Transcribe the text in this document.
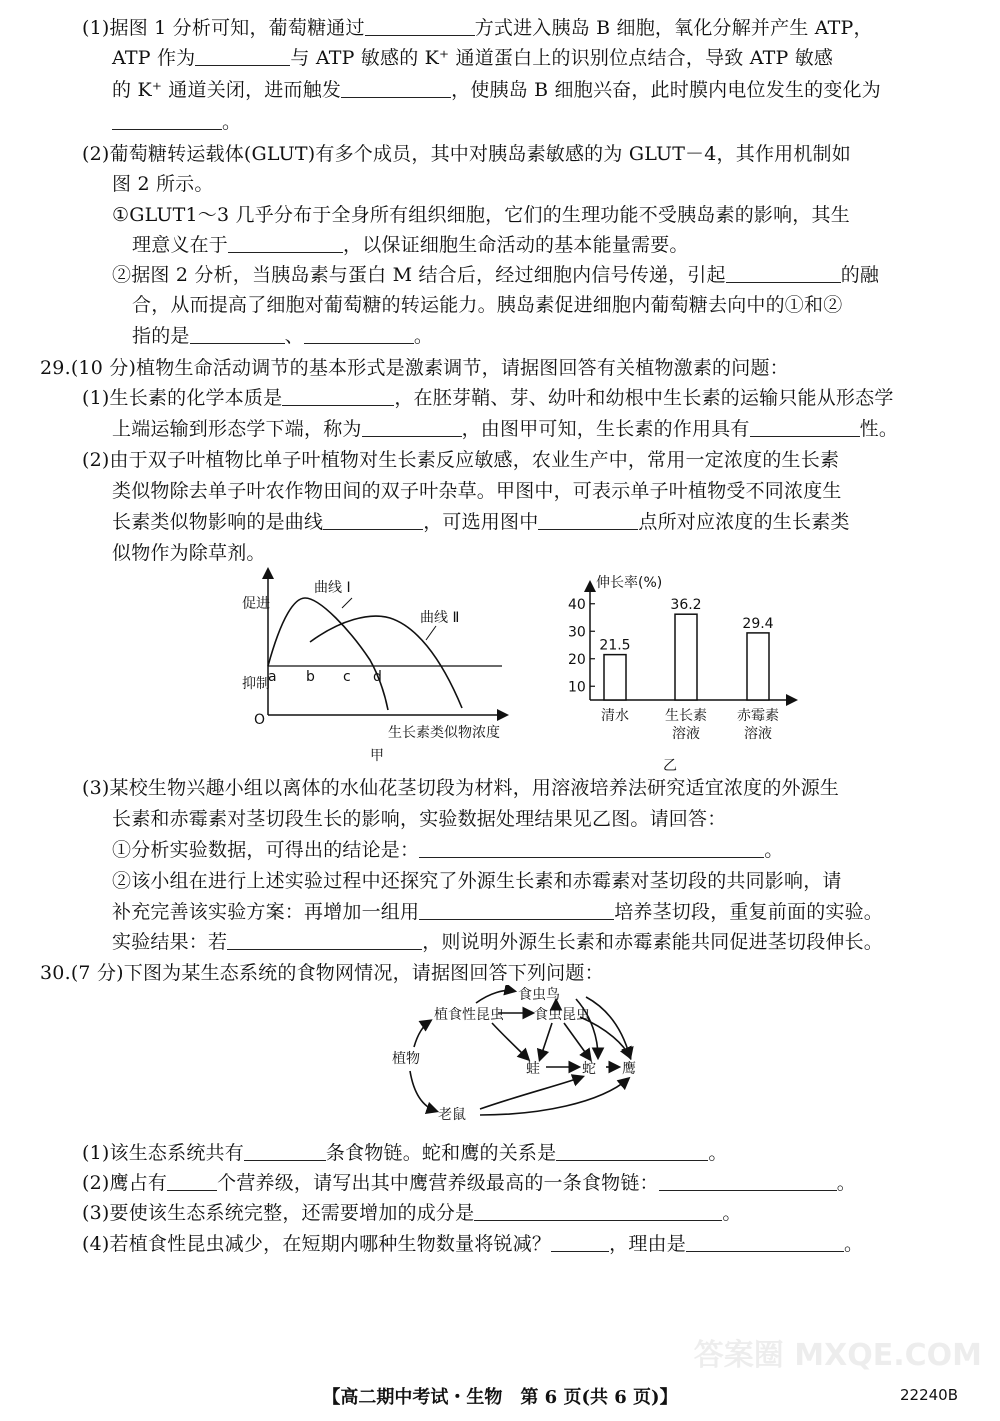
答案圈 MXQE.COM
(1)据图 1 分析可知，葡萄糖通过	方式进入胰岛 B 细胞，氧化分解并产生 ATP，
ATP 作为	与 ATP 敏感的 K⁺ 通道蛋白上的识别位点结合，导致 ATP 敏感
的 K⁺ 通道关闭，进而触发	，使胰岛 B 细胞兴奋，此时膜内电位发生的变化为
。
(2)葡萄糖转运载体(GLUT)有多个成员，其中对胰岛素敏感的为 GLUT－4，其作用机制如
图 2 所示。
①GLUT1～3 几乎分布于全身所有组织细胞，它们的生理功能不受胰岛素的影响，其生
理意义在于	，以保证细胞生命活动的基本能量需要。
②据图 2 分析，当胰岛素与蛋白 M 结合后，经过细胞内信号传递，引起	的融
合，从而提高了细胞对葡萄糖的转运能力。胰岛素促进细胞内葡萄糖去向中的①和②
指的是	、	。
29.(10 分)植物生命活动调节的基本形式是激素调节，请据图回答有关植物激素的问题：
(1)生长素的化学本质是	，在胚芽鞘、芽、幼叶和幼根中生长素的运输只能从形态学
上端运输到形态学下端，称为	，由图甲可知，生长素的作用具有	性。
(2)由于双子叶植物比单子叶植物对生长素反应敏感，农业生产中，常用一定浓度的生长素
类似物除去单子叶农作物田间的双子叶杂草。甲图中，可表示单子叶植物受不同浓度生
长素类似物影响的是曲线	，可选用图中	点所对应浓度的生长素类
似物作为除草剂。
促进
抑制
O
曲线 Ⅰ
曲线 Ⅱ
a b c d
生长素类似物浓度
甲
伸长率(%)
乙
10
20
30
40
21.5
清水
36.2
生长素
溶液
29.4
赤霉素
溶液
(3)某校生物兴趣小组以离体的水仙花茎切段为材料，用溶液培养法研究适宜浓度的外源生
长素和赤霉素对茎切段生长的影响，实验数据处理结果见乙图。请回答：
①分析实验数据，可得出的结论是：	。
②该小组在进行上述实验过程中还探究了外源生长素和赤霉素对茎切段的共同影响，请
补充完善该实验方案：再增加一组用	培养茎切段，重复前面的实验。
实验结果：若	，则说明外源生长素和赤霉素能共同促进茎切段伸长。
30.(7 分)下图为某生态系统的食物网情况，请据图回答下列问题：
植物
植食性昆虫
食虫鸟
食虫昆虫
蛙	蛇 鹰
老鼠
(1)该生态系统共有	条食物链。蛇和鹰的关系是	。
(2)鹰占有	个营养级，请写出其中鹰营养级最高的一条食物链：	。
(3)要使该生态系统完整，还需要增加的成分是	。
(4)若植食性昆虫减少，在短期内哪种生物数量将锐减？	，理由是	。
【高二期中考试・生物　第 6 页(共 6 页)】	22240B
